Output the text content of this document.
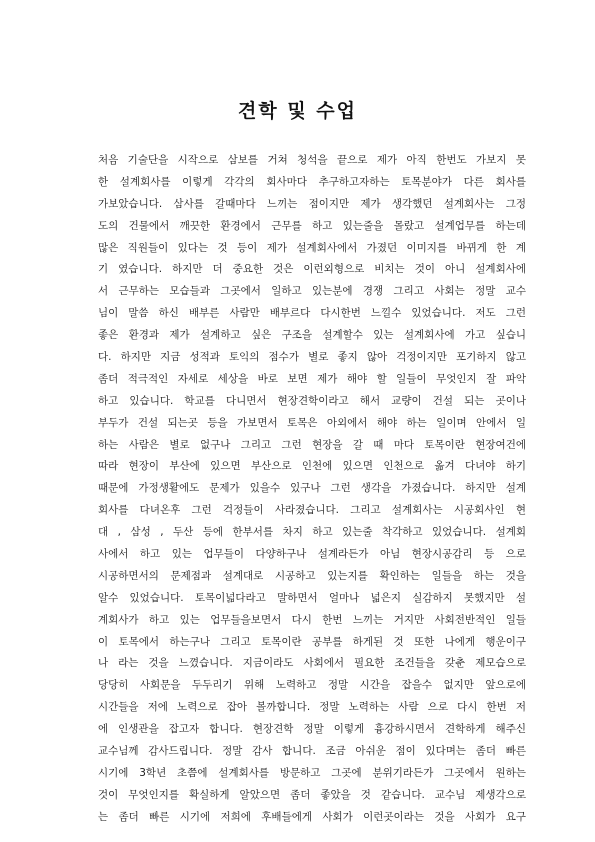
견학 및 수업
처음 기술단을 시작으로 삼보를 거쳐 청석을 끝으로 제가 아직 한번도 가보지 못
한 설계회사를 이렇게 각각의 회사마다 추구하고자하는 토목분야가 다른 회사를
가보았습니다. 삼사를 갈때마다 느끼는 점이지만 제가 생각했던 설계회사는 그정
도의 건물에서 깨끗한 환경에서 근무를 하고 있는줄을 몰랐고 설계업무를 하는데
많은 직원들이 있다는 것 등이 제가 설계회사에서 가졌던 이미지를 바뀌게 한 계
기 였습니다. 하지만 더 중요한 것은 이런외형으로 비치는 것이 아니 설계회사에
서 근무하는 모습들과 그곳에서 일하고 있는분에 경쟁 그리고 사회는 정말 교수
님이 말씀 하신 배부른 사람만 배부르다 다시한번 느낄수 있었습니다. 저도 그런
좋은 환경과 제가 설계하고 싶은 구조을 설계할수 있는 설계회사에 가고 싶습니
다. 하지만 지금 성적과 토익의 점수가 별로 좋지 않아 걱정이지만 포기하지 않고
좀더 적극적인 자세로 세상을 바로 보면 제가 해야 할 일들이 무엇인지 잘 파악
하고 있습니다. 학교를 다니면서 현장견학이라고 해서 교량이 건설 되는 곳이나
부두가 건설 되는곳 등을 가보면서 토목은 아외에서 해야 하는 일이며 안에서 일
하는 사람은 별로 없구나 그리고 그런 현장을 갈 때 마다 토목이란 현장여건에
따라 현장이 부산에 있으면 부산으로 인천에 있으면 인천으로 옮겨 다녀야 하기
때문에 가정생활에도 문제가 있을수 있구나 그런 생각을 가졌습니다. 하지만 설계
회사를 다녀온후 그런 걱정들이 사라졌습니다. 그리고 설계회사는 시공회사인 현
대 , 삼성 , 두산 등에 한부서를 차지 하고 있는줄 착각하고 있었습니다. 설계회
사에서 하고 있는 업무들이 다양하구나 설계라든가 아님 현장시공감리 등 으로
시공하면서의 문제점과 설계대로 시공하고 있는지를 확인하는 일들을 하는 것을
알수 있었습니다. 토목이넓다라고 말하면서 얼마나 넓은지 실감하지 못했지만 설
계회사가 하고 있는 업무들을보면서 다시 한번 느끼는 거지만 사회전반적인 일들
이 토목에서 하는구나 그리고 토목이란 공부를 하게된 것 또한 나에게 행운이구
나 라는 것을 느꼈습니다. 지금이라도 사회에서 필요한 조건들을 갖춘 제모습으로
당당히 사회문을 두두리기 위해 노력하고 정말 시간을 잡을수 없지만 앞으로에
시간들을 저에 노력으로 잡아 볼까합니다. 정말 노력하는 사람 으로 다시 한번 저
에 인생관을 잡고자 합니다. 현장견학 정말 이렇게 흉강하시면서 견학하게 해주신
교수님께 감사드립니다. 정말 감사 합니다. 조금 아쉬운 점이 있다며는 좀더 빠른
시기에 3학년 초쯤에 설계회사를 방문하고 그곳에 분위기라든가 그곳에서 원하는
것이 무엇인지를 확실하게 알았으면 좀더 좋았을 것 같습니다. 교수님 제생각으로
는 좀더 빠른 시기에 저희에 후배들에게 사회가 이런곳이라는 것을 사회가 요구
